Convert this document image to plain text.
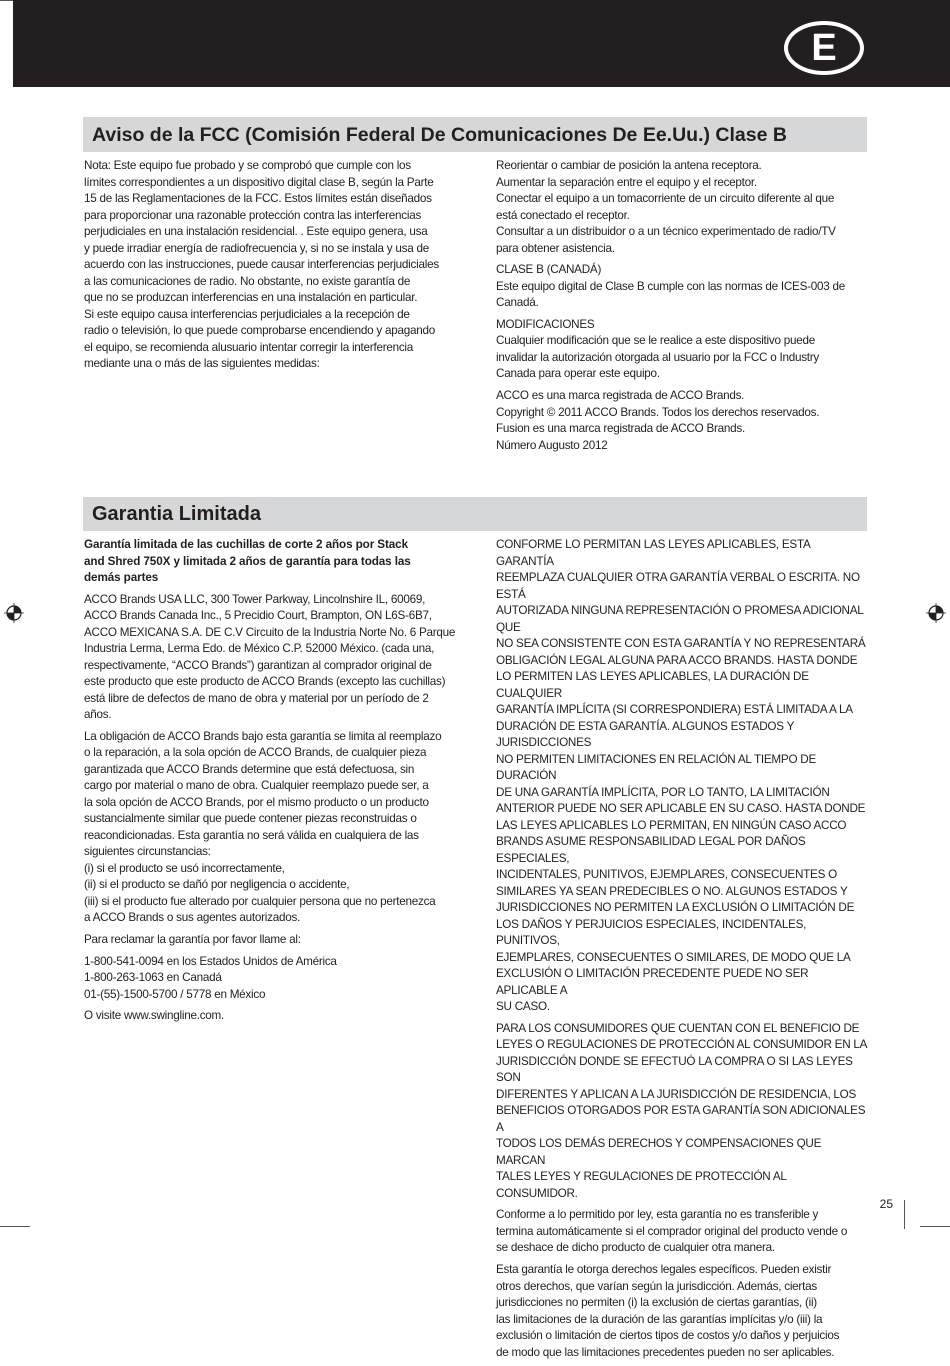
E
Aviso de la FCC (Comisión Federal De Comunicaciones De Ee.Uu.) Clase B

Nota: Este equipo fue probado y se comprobó que cumple con los
límites correspondientes a un dispositivo digital clase B, según la Parte
15 de las Reglamentaciones de la FCC. Estos límites están diseñados
para proporcionar una razonable protección contra las interferencias
perjudiciales en una instalación residencial. . Este equipo genera, usa
y puede irradiar energía de radiofrecuencia y, si no se instala y usa de
acuerdo con las instrucciones, puede causar interferencias perjudiciales
a las comunicaciones de radio. No obstante, no existe garantía de
que no se produzcan interferencias en una instalación en particular.
Si este equipo causa interferencias perjudiciales a la recepción de
radio o televisión, lo que puede comprobarse encendiendo y apagando
el equipo, se recomienda alusuario intentar corregir la interferencia
mediante una o más de las siguientes medidas:

Reorientar o cambiar de posición la antena receptora.
Aumentar la separación entre el equipo y el receptor.
Conectar el equipo a un tomacorriente de un circuito diferente al que
está conectado el receptor.
Consultar a un distribuidor o a un técnico experimentado de radio/TV
para obtener asistencia.

CLASE B (CANADÁ)
Este equipo digital de Clase B cumple con las normas de ICES-003 de
Canadá.

MODIFICACIONES
Cualquier modificación que se le realice a este dispositivo puede
invalidar la autorización otorgada al usuario por la FCC o Industry
Canada para operar este equipo.

ACCO es una marca registrada de ACCO Brands.
Copyright © 2011 ACCO Brands. Todos los derechos reservados.
Fusion es una marca registrada de ACCO Brands.
Número Augusto 2012

Garantia Limitada

Garantía limitada de las cuchillas de corte 2 años por Stack
and Shred 750X y limitada 2 años de garantía para todas las
demás partes

ACCO Brands USA LLC, 300 Tower Parkway, Lincolnshire IL, 60069,
ACCO Brands Canada Inc., 5 Precidio Court, Brampton, ON L6S-6B7,
ACCO MEXICANA S.A. DE C.V Circuito de la Industria Norte No. 6 Parque
Industria Lerma, Lerma Edo. de México C.P. 52000 México. (cada una,
respectivamente, “ACCO Brands”) garantizan al comprador original de
este producto que este producto de ACCO Brands (excepto las cuchillas)
está libre de defectos de mano de obra y material por un período de 2
años.

La obligación de ACCO Brands bajo esta garantía se limita al reemplazo
o la reparación, a la sola opción de ACCO Brands, de cualquier pieza
garantizada que ACCO Brands determine que está defectuosa, sin
cargo por material o mano de obra. Cualquier reemplazo puede ser, a
la sola opción de ACCO Brands, por el mismo producto o un producto
sustancialmente similar que puede contener piezas reconstruidas o
reacondicionadas. Esta garantía no será válida en cualquiera de las
siguientes circunstancias:
(i) si el producto se usó incorrectamente,
(ii) si el producto se dañó por negligencia o accidente,
(iii) si el producto fue alterado por cualquier persona que no pertenezca
a ACCO Brands o sus agentes autorizados.

Para reclamar la garantía por favor llame al:

1-800-541-0094 en los Estados Unidos de América
1-800-263-1063 en Canadá
01-(55)-1500-5700 / 5778 en México

O visite www.swingline.com.

CONFORME LO PERMITAN LAS LEYES APLICABLES, ESTA GARANTÍA
REEMPLAZA CUALQUIER OTRA GARANTÍA VERBAL O ESCRITA. NO ESTÁ
AUTORIZADA NINGUNA REPRESENTACIÓN O PROMESA ADICIONAL QUE
NO SEA CONSISTENTE CON ESTA GARANTÍA Y NO REPRESENTARÁ
OBLIGACIÓN LEGAL ALGUNA PARA ACCO BRANDS. HASTA DONDE
LO PERMITEN LAS LEYES APLICABLES, LA DURACIÓN DE CUALQUIER
GARANTÍA IMPLÍCITA (SI CORRESPONDIERA) ESTÁ LIMITADA A LA
DURACIÓN DE ESTA GARANTÍA. ALGUNOS ESTADOS Y JURISDICCIONES
NO PERMITEN LIMITACIONES EN RELACIÓN AL TIEMPO DE DURACIÓN
DE UNA GARANTÍA IMPLÍCITA, POR LO TANTO, LA LIMITACIÓN
ANTERIOR PUEDE NO SER APLICABLE EN SU CASO. HASTA DONDE
LAS LEYES APLICABLES LO PERMITAN, EN NINGÚN CASO ACCO
BRANDS ASUME RESPONSABILIDAD LEGAL POR DAÑOS ESPECIALES,
INCIDENTALES, PUNITIVOS, EJEMPLARES, CONSECUENTES O
SIMILARES YA SEAN PREDECIBLES O NO. ALGUNOS ESTADOS Y
JURISDICCIONES NO PERMITEN LA EXCLUSIÓN O LIMITACIÓN DE
LOS DAÑOS Y PERJUICIOS ESPECIALES, INCIDENTALES, PUNITIVOS,
EJEMPLARES, CONSECUENTES O SIMILARES, DE MODO QUE LA
EXCLUSIÓN O LIMITACIÓN PRECEDENTE PUEDE NO SER APLICABLE A
SU CASO.

PARA LOS CONSUMIDORES QUE CUENTAN CON EL BENEFICIO DE
LEYES O REGULACIONES DE PROTECCIÓN AL CONSUMIDOR EN LA
JURISDICCIÓN DONDE SE EFECTUÓ LA COMPRA O SI LAS LEYES SON
DIFERENTES Y APLICAN A LA JURISDICCIÓN DE RESIDENCIA, LOS
BENEFICIOS OTORGADOS POR ESTA GARANTÍA SON ADICIONALES A
TODOS LOS DEMÁS DERECHOS Y COMPENSACIONES QUE MARCAN
TALES LEYES Y REGULACIONES DE PROTECCIÓN AL CONSUMIDOR.

Conforme a lo permitido por ley, esta garantía no es transferible y
termina automáticamente si el comprador original del producto vende o
se deshace de dicho producto de cualquier otra manera.

Esta garantía le otorga derechos legales específicos. Pueden existir
otros derechos, que varían según la jurisdicción. Además, ciertas
jurisdicciones no permiten (i) la exclusión de ciertas garantías, (ii)
las limitaciones de la duración de las garantías implícitas y/o (iii) la
exclusión o limitación de ciertos tipos de costos y/o daños y perjuicios
de modo que las limitaciones precedentes pueden no ser aplicables.

25
